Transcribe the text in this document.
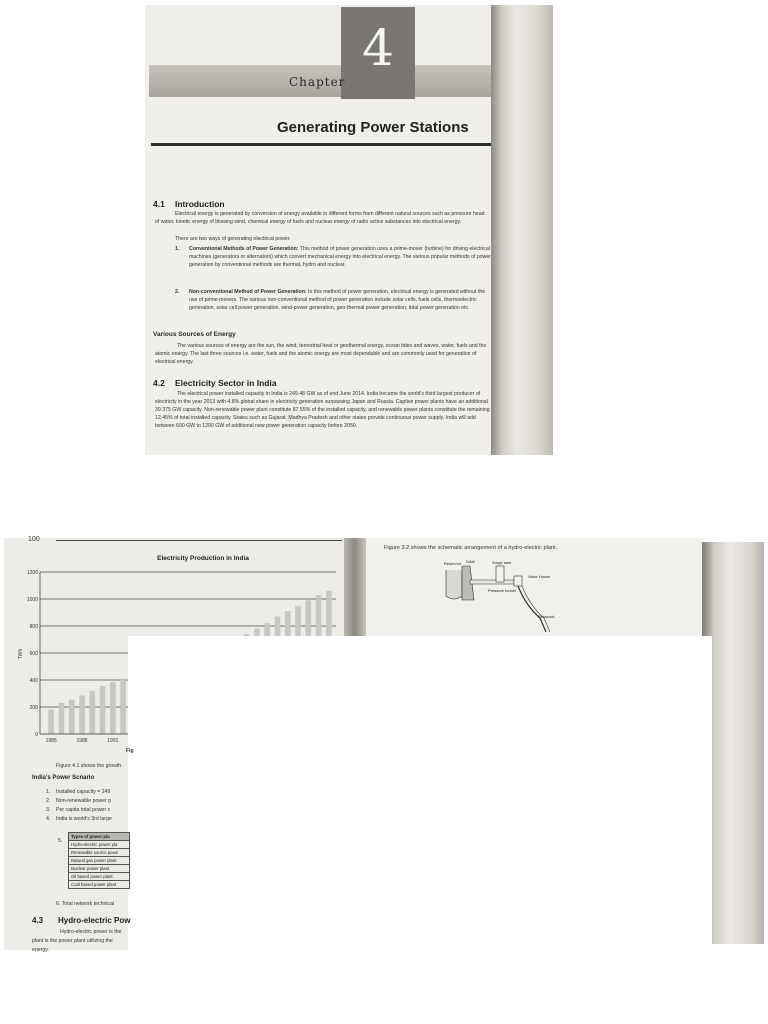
4
Chapter
Generating Power Stations
4.1 Introduction
Electrical energy is generated by conversion of energy available in different forms from different natural sources such as pressure head of water, kinetic energy of blowing wind, chemical energy of fuels and nuclear energy of radio active substances into electrical energy.
There are two ways of generating electrical power.
1. Conventional Methods of Power Generation: This method of power generation uses a prime-mover (turbine) for driving electrical machines (generators or alternators) which convert mechanical energy into electrical energy. The various popular methods of power generation by conventional methods are thermal, hydro and nuclear.
2. Non-conventional Method of Power Generation: In this method of power generation, electrical energy is generated without the use of prime-movers. The various non-conventional method of power generation include solar cells, fuels cells, thermoelectric generation, solar cell power generation, wind-power generation, geo-thermal power generation, tidal power generation etc.
Various Sources of Energy
The various sources of energy are the sun, the wind, terrestrial heat or geothermal energy, ocean tides and waves, water, fuels and the atomic energy. The last three sources i.e. water, fuels and the atomic energy are most dependable and are commonly used for generation of electrical energy.
4.2 Electricity Sector in India
The electrical power installed capacity in India is 249.48 GW as of end June 2014. India became the world's third largest producer of electricity in the year 2013 with 4.8% global share in electricity generation surpassing Japan and Russia. Captive power plants have an additional 39.375 GW capacity. Non-renewable power plant constitute 87.55% of the installed capacity, and renewable power plants constitute the remaining 12.45% of total installed capacity. States such as Gujarat, Madhya Pradesh and other states provide continuous power supply. India will add between 600 GW to 1200 GW of additional new power generation capacity before 2050.
100
Electricity Production in India
0
200
400
600
800
1000
1200
1985	1988	1991
TWh
Fig
Figure 4.1 shows the growth
India's Power Scnario
1. Installed capacity = 249
2. Non-renewable power p
3. Per capita total power c
4. India is world's 3rd large
5.
Types of power pla
Hydro-electric power pla
Renewable source powe
Natural gas power plant
Nuclear power plant
Oil based power plant
Coal based power plant
6. Total network technical
4.3 Hydro-electric Pow
Hydro-electric power is the
plant is the power plant utilizing the
energy.
Figure 3.2 shows the schematic arrangement of a hydro-electric plant.
Reservoir DAM	Surge tank
Valve House
Pressure tunnel
Penstock
